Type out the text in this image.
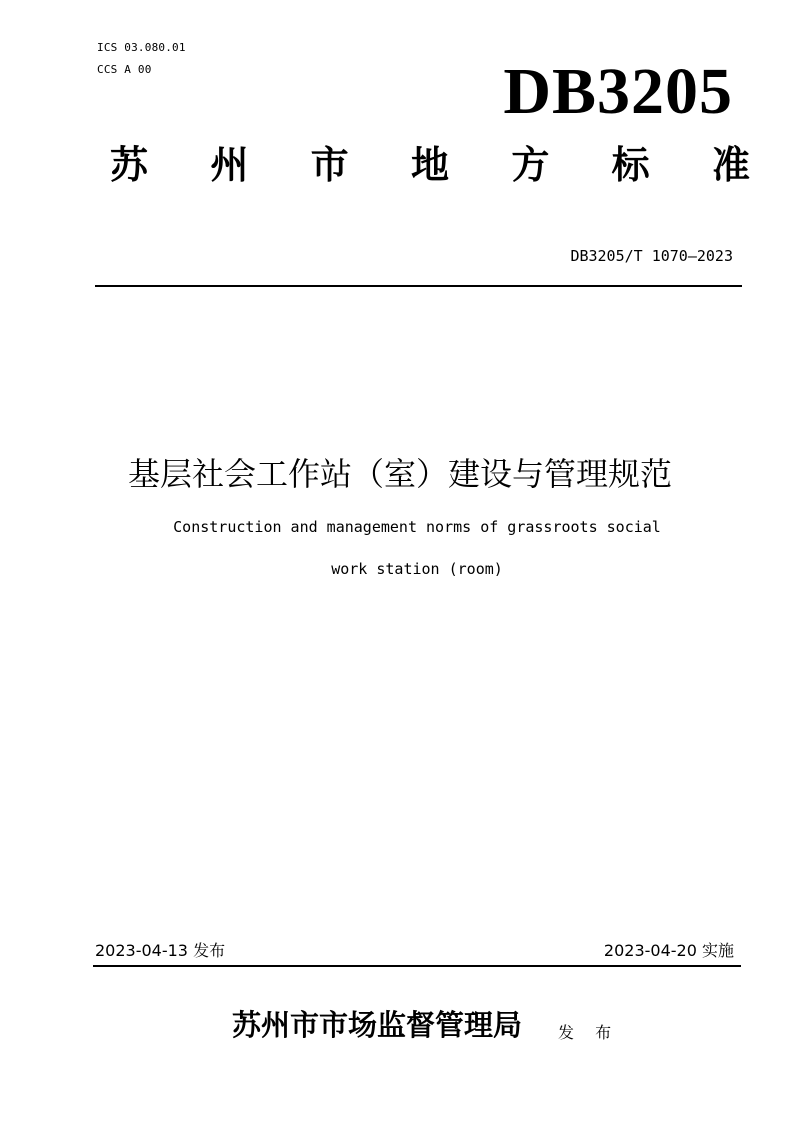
ICS 03.080.01
CCS A 00	DB3205
苏 州 市 地 方 标 准
DB3205/T 1070—2023
基层社会工作站（室）建设与管理规范
Construction and management norms of grassroots social
work station (room)
2023-04-13 发布	2023-04-20 实施
苏州市市场监督管理局 发 布
